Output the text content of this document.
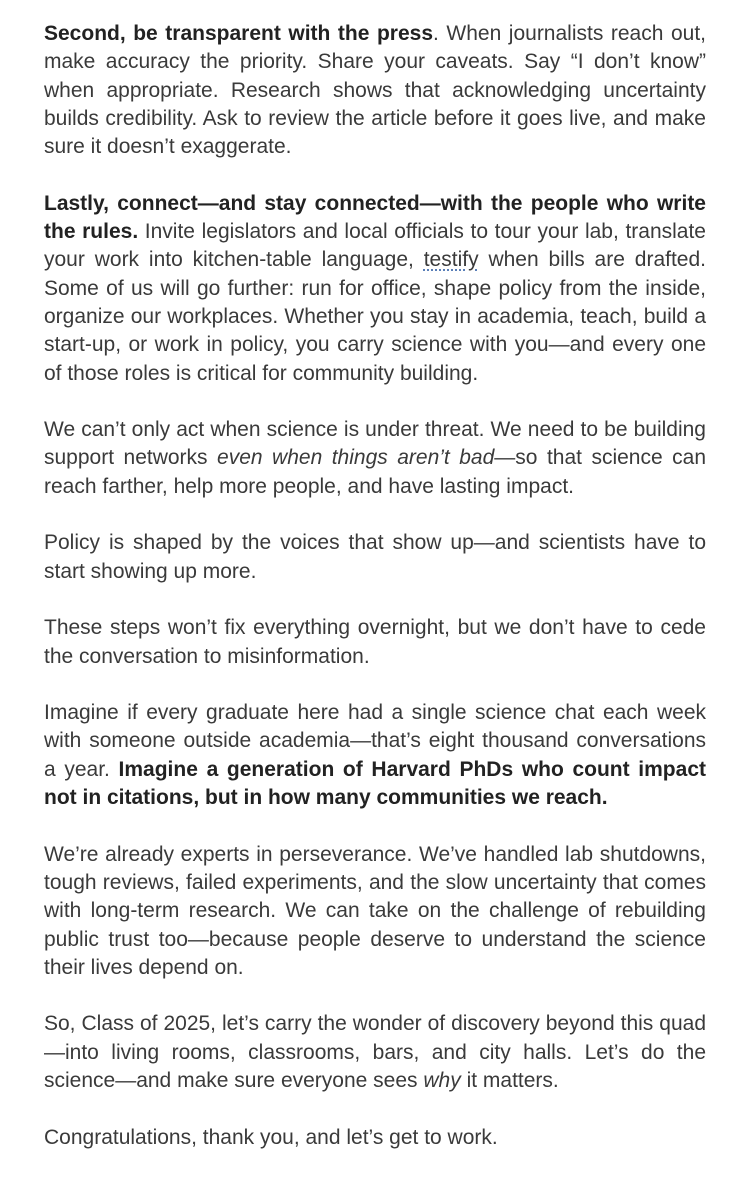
Second, be transparent with the press. When journalists reach out, make accuracy the priority. Share your caveats. Say “I don’t know” when appropriate. Research shows that acknowledging uncertainty builds credibility. Ask to review the article before it goes live, and make sure it doesn’t exaggerate.

Lastly, connect—and stay connected—with the people who write the rules. Invite legislators and local officials to tour your lab, translate your work into kitchen-table language, testify when bills are drafted. Some of us will go further: run for office, shape policy from the inside, organize our workplaces. Whether you stay in academia, teach, build a start-up, or work in policy, you carry science with you—and every one of those roles is critical for community building.

We can’t only act when science is under threat. We need to be building support networks even when things aren’t bad—so that science can reach farther, help more people, and have lasting impact.

Policy is shaped by the voices that show up—and scientists have to start showing up more.

These steps won’t fix everything overnight, but we don’t have to cede the conversation to misinformation.

Imagine if every graduate here had a single science chat each week with someone outside academia—that’s eight thousand conversations a year. Imagine a generation of Harvard PhDs who count impact not in citations, but in how many communities we reach.

We’re already experts in perseverance. We’ve handled lab shutdowns, tough reviews, failed experiments, and the slow uncertainty that comes with long-term research. We can take on the challenge of rebuilding public trust too—because people deserve to understand the science their lives depend on.

So, Class of 2025, let’s carry the wonder of discovery beyond this quad—into living rooms, classrooms, bars, and city halls. Let’s do the science—and make sure everyone sees why it matters.

Congratulations, thank you, and let’s get to work.
